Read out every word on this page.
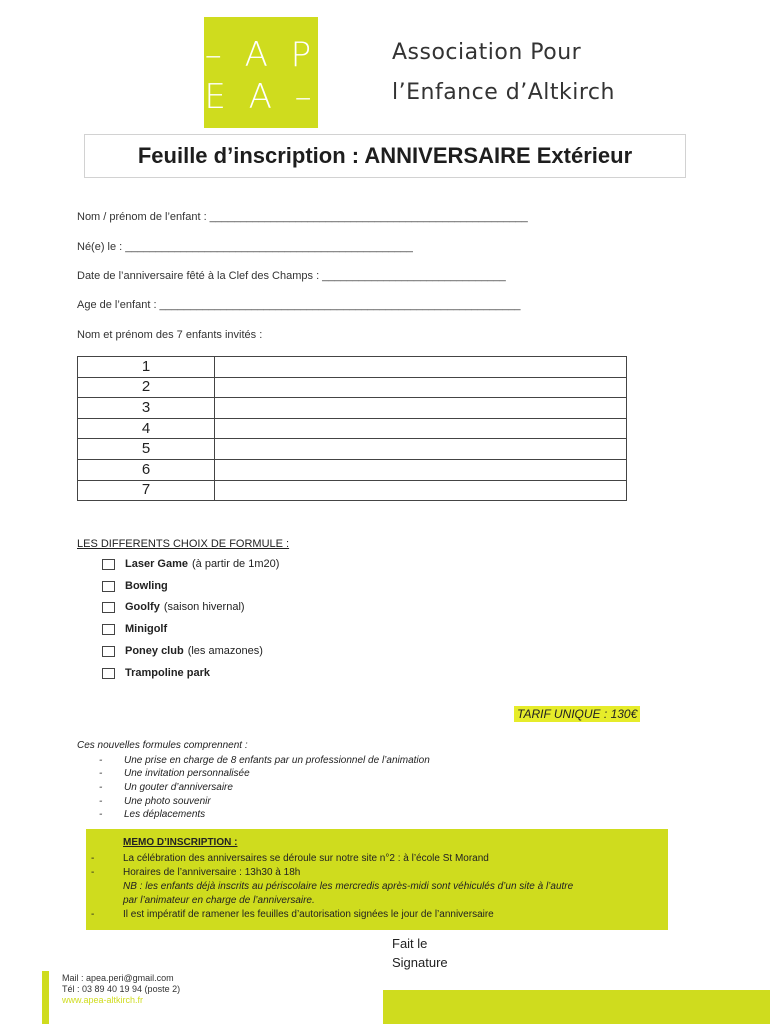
– A P
E A –
Association Pour
l’Enfance d’Altkirch
Feuille d’inscription : ANNIVERSAIRE Extérieur
Nom / prénom de l’enfant : ____________________________________________________
Né(e) le : _______________________________________________
Date de l’anniversaire fêté à la Clef des Champs : ______________________________
Age de l’enfant : ___________________________________________________________
Nom et prénom des 7 enfants invités :
1	
2	
3	
4	
5	
6	
7	
LES DIFFERENTS CHOIX DE FORMULE :
Laser Game (à partir de 1m20)
Bowling
Goolfy (saison hivernal)
Minigolf
Poney club (les amazones)
Trampoline park
TARIF UNIQUE : 130€
Ces nouvelles formules comprennent :
-	Une prise en charge de 8 enfants par un professionnel de l’animation
-	Une invitation personnalisée
-	Un gouter d’anniversaire
-	Une photo souvenir
-	Les déplacements
MEMO D’INSCRIPTION :
-	La célébration des anniversaires se déroule sur notre site n°2 : à l’école St Morand
-	Horaires de l’anniversaire : 13h30 à 18h
NB : les enfants déjà inscrits au périscolaire les mercredis après-midi sont véhiculés d’un site à l’autre
par l’animateur en charge de l’anniversaire.
-	Il est impératif de ramener les feuilles d’autorisation signées le jour de l’anniversaire
Fait le
Signature
Mail : apea.peri@gmail.com
Tél : 03 89 40 19 94 (poste 2)
www.apea-altkirch.fr
